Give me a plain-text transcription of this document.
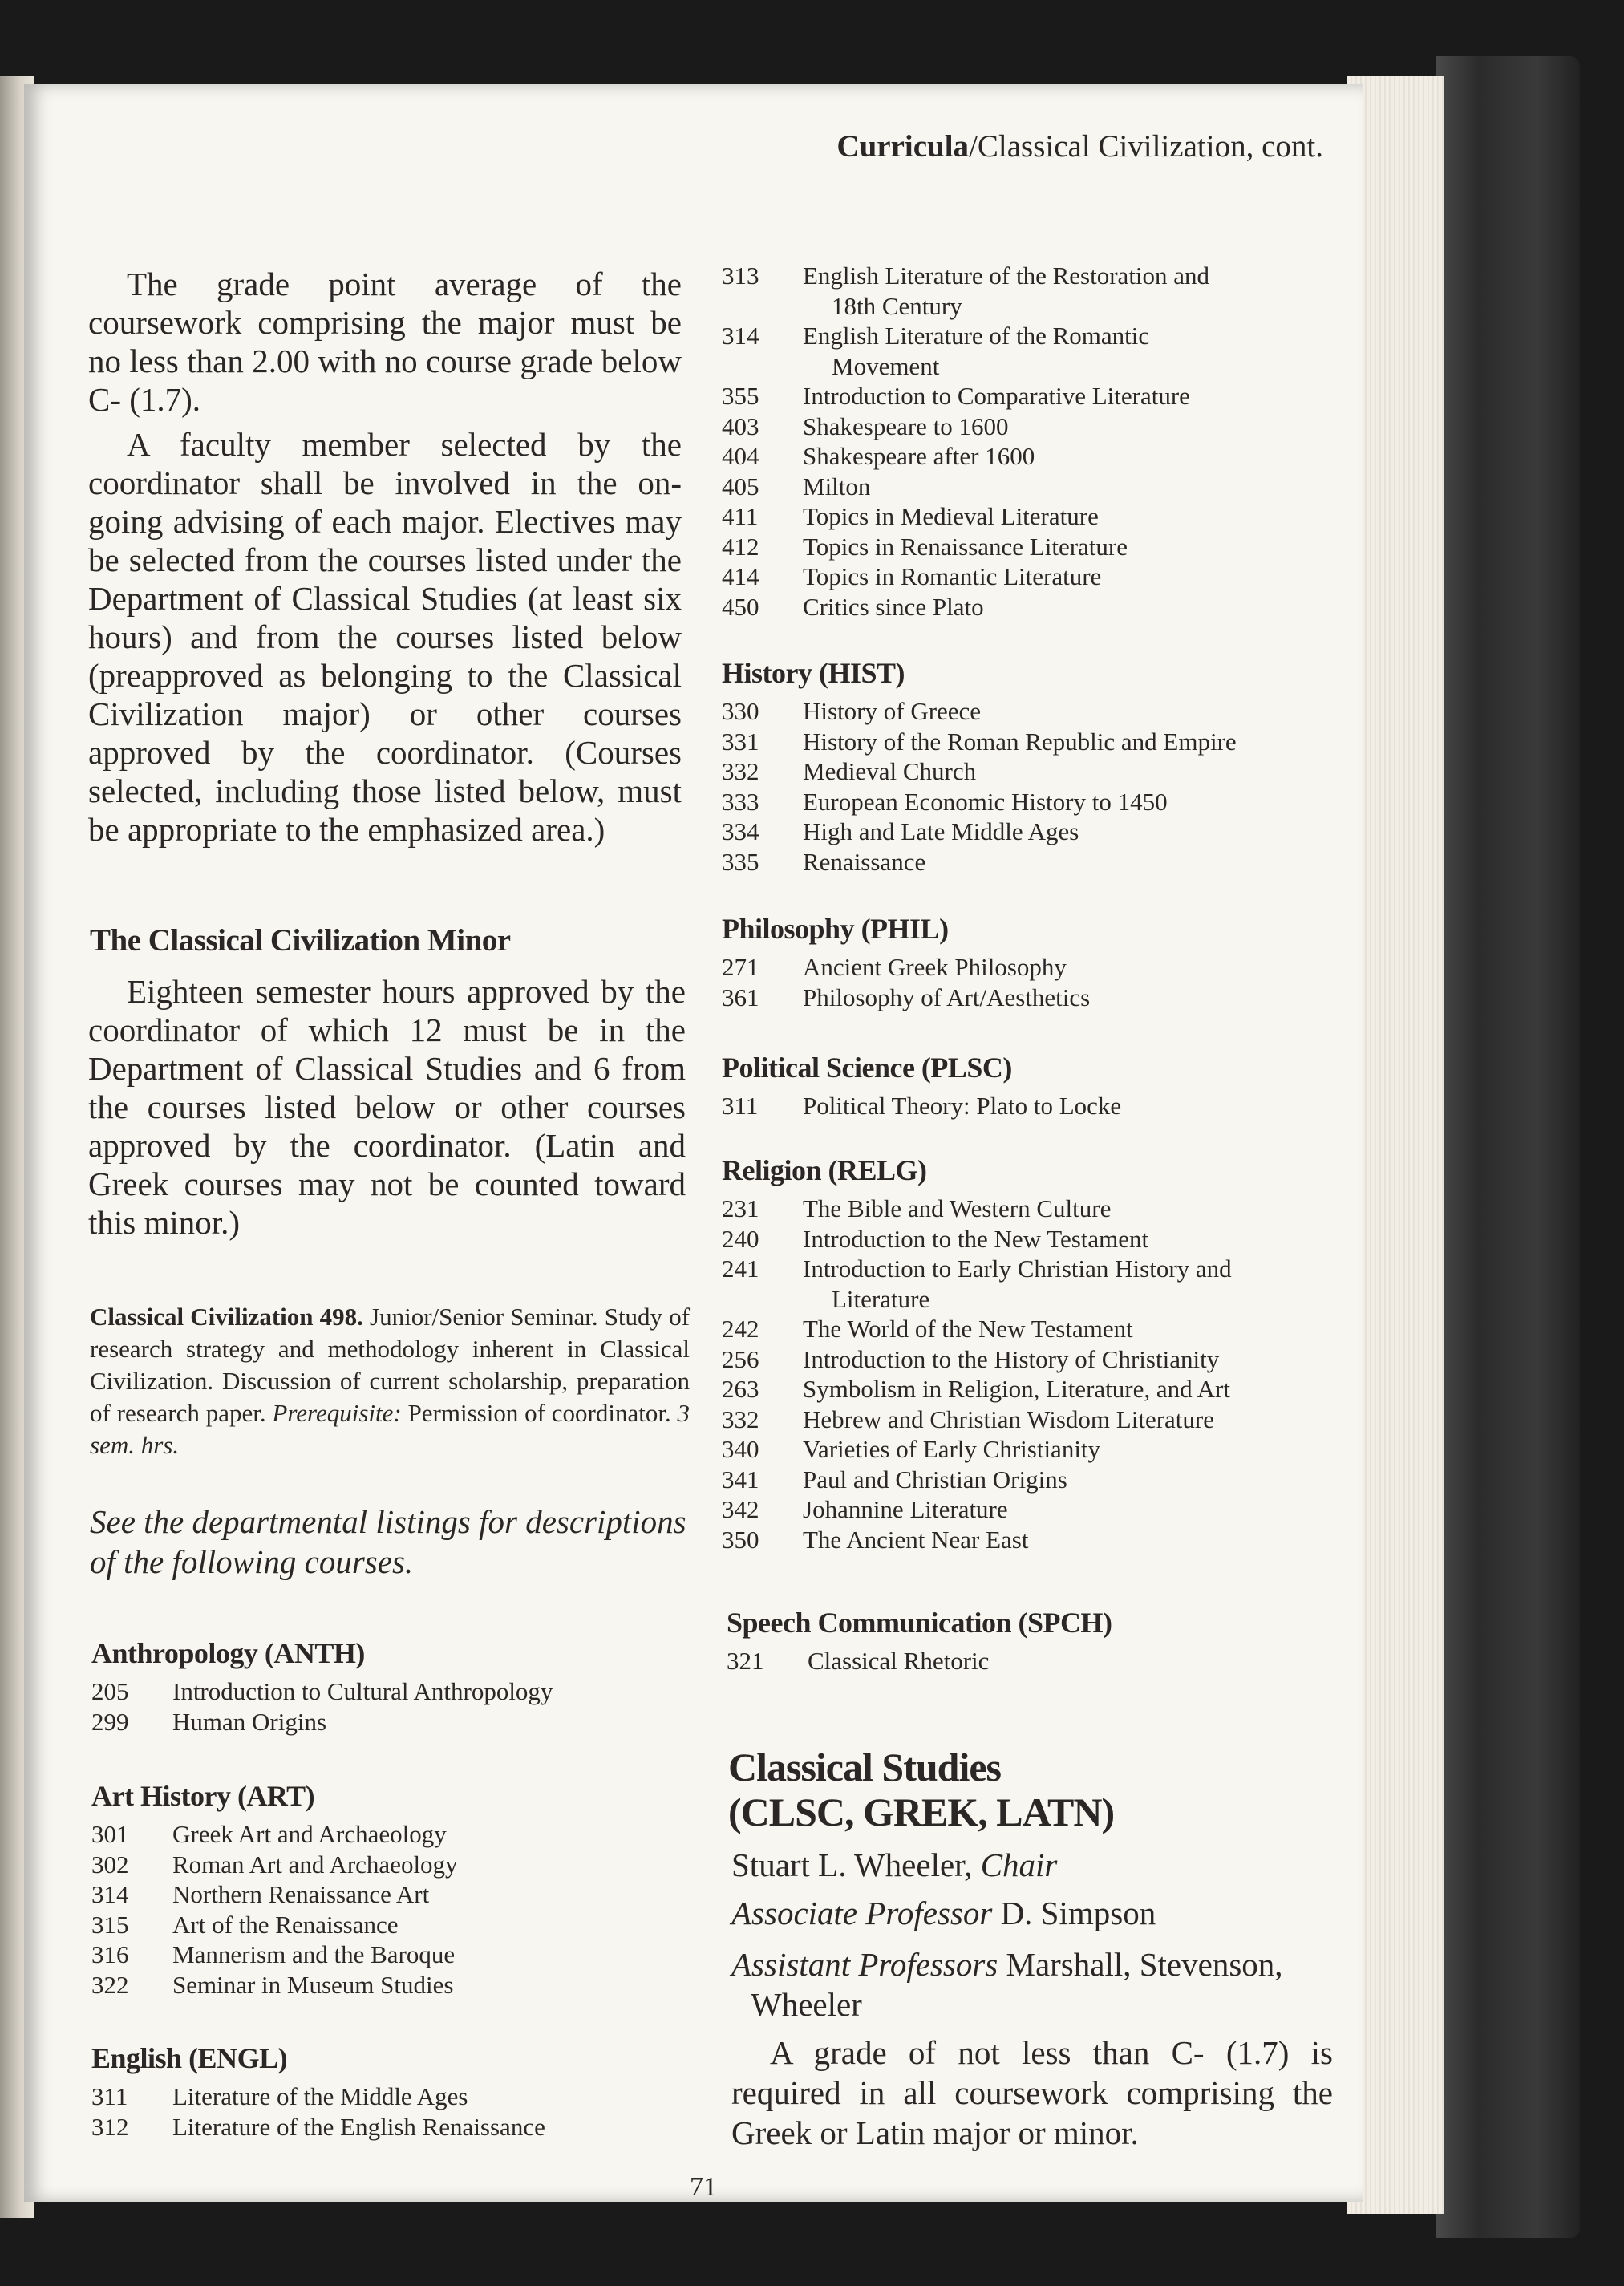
Curricula/Classical Civilization, cont.

The grade point average of the coursework comprising the major must be no less than 2.00 with no course grade below C- (1.7).

A faculty member selected by the coordinator shall be involved in the on-going advising of each major. Electives may be selected from the courses listed under the Department of Classical Studies (at least six hours) and from the courses listed below (preapproved as belonging to the Classical Civilization major) or other courses approved by the coordinator. (Courses selected, including those listed below, must be appropriate to the emphasized area.)

The Classical Civilization Minor

Eighteen semester hours approved by the coordinator of which 12 must be in the Department of Classical Studies and 6 from the courses listed below or other courses approved by the coordinator. (Latin and Greek courses may not be counted toward this minor.)

Classical Civilization 498. Junior/Senior Seminar. Study of research strategy and methodology inherent in Classical Civilization. Discussion of current scholarship, preparation of research paper. Prerequisite: Permission of coordinator. 3 sem. hrs.
See the departmental listings for descriptions of the following courses.
Anthropology (ANTH)
205	Introduction to Cultural Anthropology
299	Human Origins
Art History (ART)
301	Greek Art and Archaeology
302	Roman Art and Archaeology
314	Northern Renaissance Art
315	Art of the Renaissance
316	Mannerism and the Baroque
322	Seminar in Museum Studies
English (ENGL)
311	Literature of the Middle Ages
312	Literature of the English Renaissance
313	English Literature of the Restoration and
18th Century
314	English Literature of the Romantic
Movement
355	Introduction to Comparative Literature
403	Shakespeare to 1600
404	Shakespeare after 1600
405	Milton
411	Topics in Medieval Literature
412	Topics in Renaissance Literature
414	Topics in Romantic Literature
450	Critics since Plato
History (HIST)
330	History of Greece
331	History of the Roman Republic and Empire
332	Medieval Church
333	European Economic History to 1450
334	High and Late Middle Ages
335	Renaissance
Philosophy (PHIL)
271	Ancient Greek Philosophy
361	Philosophy of Art/Aesthetics
Political Science (PLSC)
311	Political Theory: Plato to Locke
Religion (RELG)
231	The Bible and Western Culture
240	Introduction to the New Testament
241	Introduction to Early Christian History and
Literature
242	The World of the New Testament
256	Introduction to the History of Christianity
263	Symbolism in Religion, Literature, and Art
332	Hebrew and Christian Wisdom Literature
340	Varieties of Early Christianity
341	Paul and Christian Origins
342	Johannine Literature
350	The Ancient Near East
Speech Communication (SPCH)
321	Classical Rhetoric
Classical Studies
(CLSC, GREK, LATN)
Stuart L. Wheeler, Chair
Associate Professor D. Simpson
Assistant Professors Marshall, Stevenson,
Wheeler

A grade of not less than C- (1.7) is required in all coursework comprising the Greek or Latin major or minor.

71
